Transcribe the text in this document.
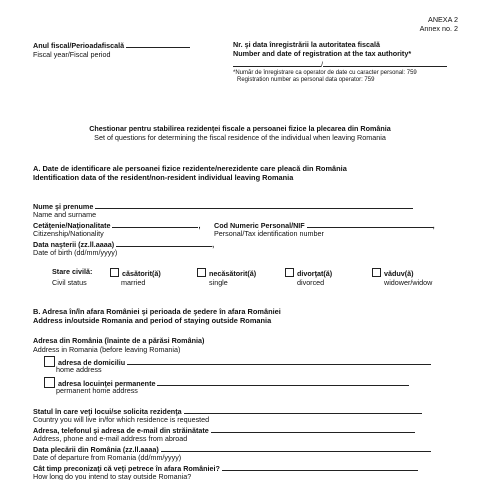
ANEXA 2
Annex no. 2
Anul fiscal/Perioadafiscală
Fiscal year/Fiscal period
Nr. şi data înregistrării la autoritatea fiscală
Number and date of registration at the tax authority*
/
*Număr de înregistrare ca operator de date cu caracter personal: 759
Registration number as personal data operator: 759
Chestionar pentru stabilirea rezidenţei fiscale a persoanei fizice la plecarea din România
Set of questions for determining the fiscal residence of the individual when leaving Romania
A. Date de identificare ale persoanei fizice rezidente/nerezidente care pleacă din România
Identification data of the resident/non-resident individual leaving Romania
Nume şi prenume
Name and surname
Cetăţenie/Naţionalitate	,
Citizenship/Nationality
Cod Numeric Personal/NIF	,
Personal/Tax identification number
Data naşterii (zz.ll.aaaa)	,
Date of birth (dd/mm/yyyy)
Stare civilă:
Civil status
căsătorit(ă)
married
necăsătorit(ă)
single
divorţat(ă)
divorced
văduv(ă)
widower/widow
B. Adresa în/în afara României şi perioada de şedere în afara României
Address in/outside Romania and period of staying outside Romania
Adresa din România (înainte de a părăsi România)
Address in Romania (before leaving Romania)
adresa de domiciliu
home address
adresa locuinţei permanente
permanent home address
Statul în care veţi locui/se solicita rezidenţa
Country you will live in/for which residence is requested
Adresa, telefonul şi adresa de e-mail din străinătate
Address, phone and e-mail address from abroad
Data plecării din România (zz.ll.aaaa)
Date of departure from Romania (dd/mm/yyyy)
Cât timp preconizaţi că veţi petrece în afara României?
How long do you intend to stay outside Romania?
